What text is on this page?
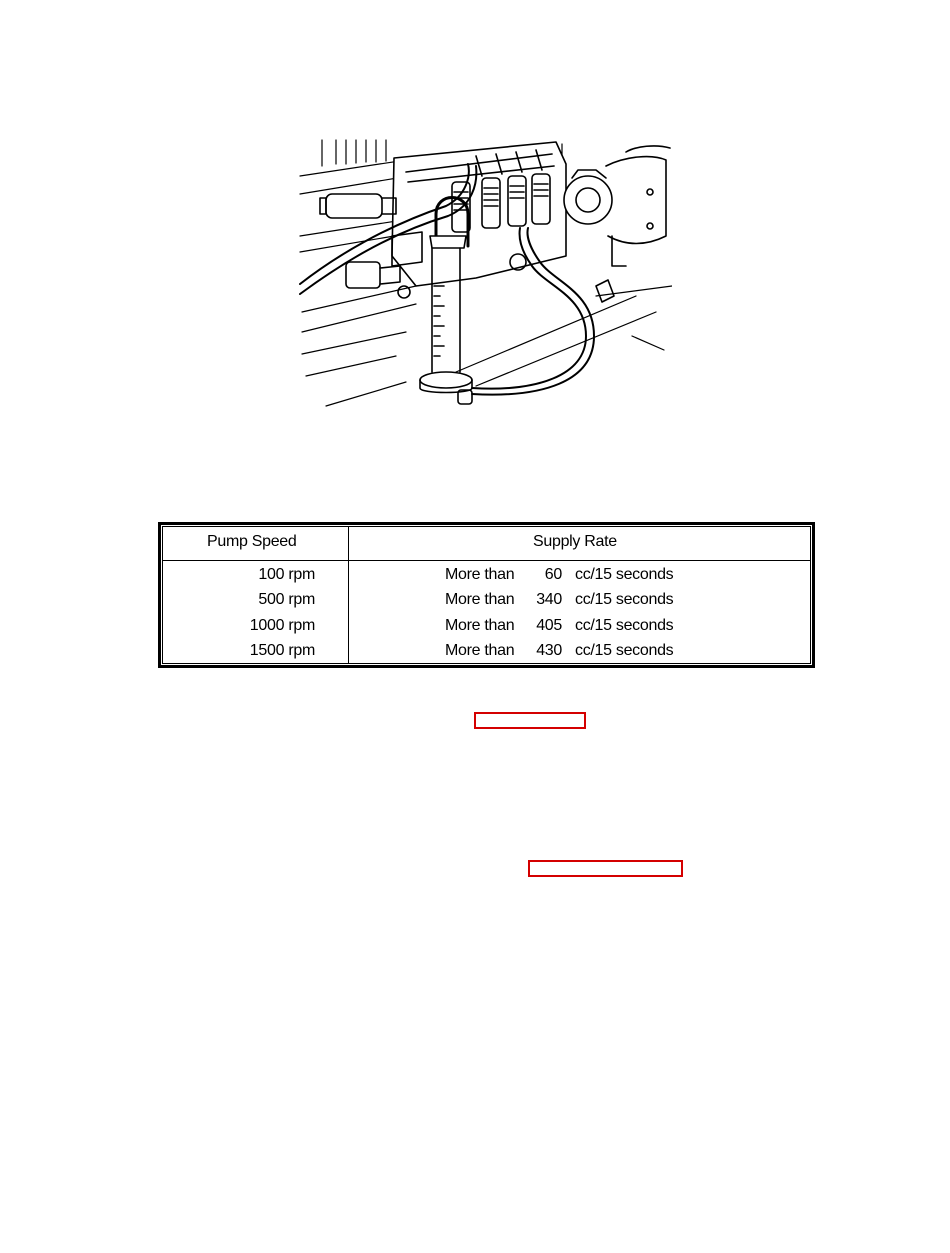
Pump Speed	Supply Rate
100 rpm	More than 60 cc/15 seconds
500 rpm	More than 340 cc/15 seconds
1000 rpm	More than 405 cc/15 seconds
1500 rpm	More than 430 cc/15 seconds
